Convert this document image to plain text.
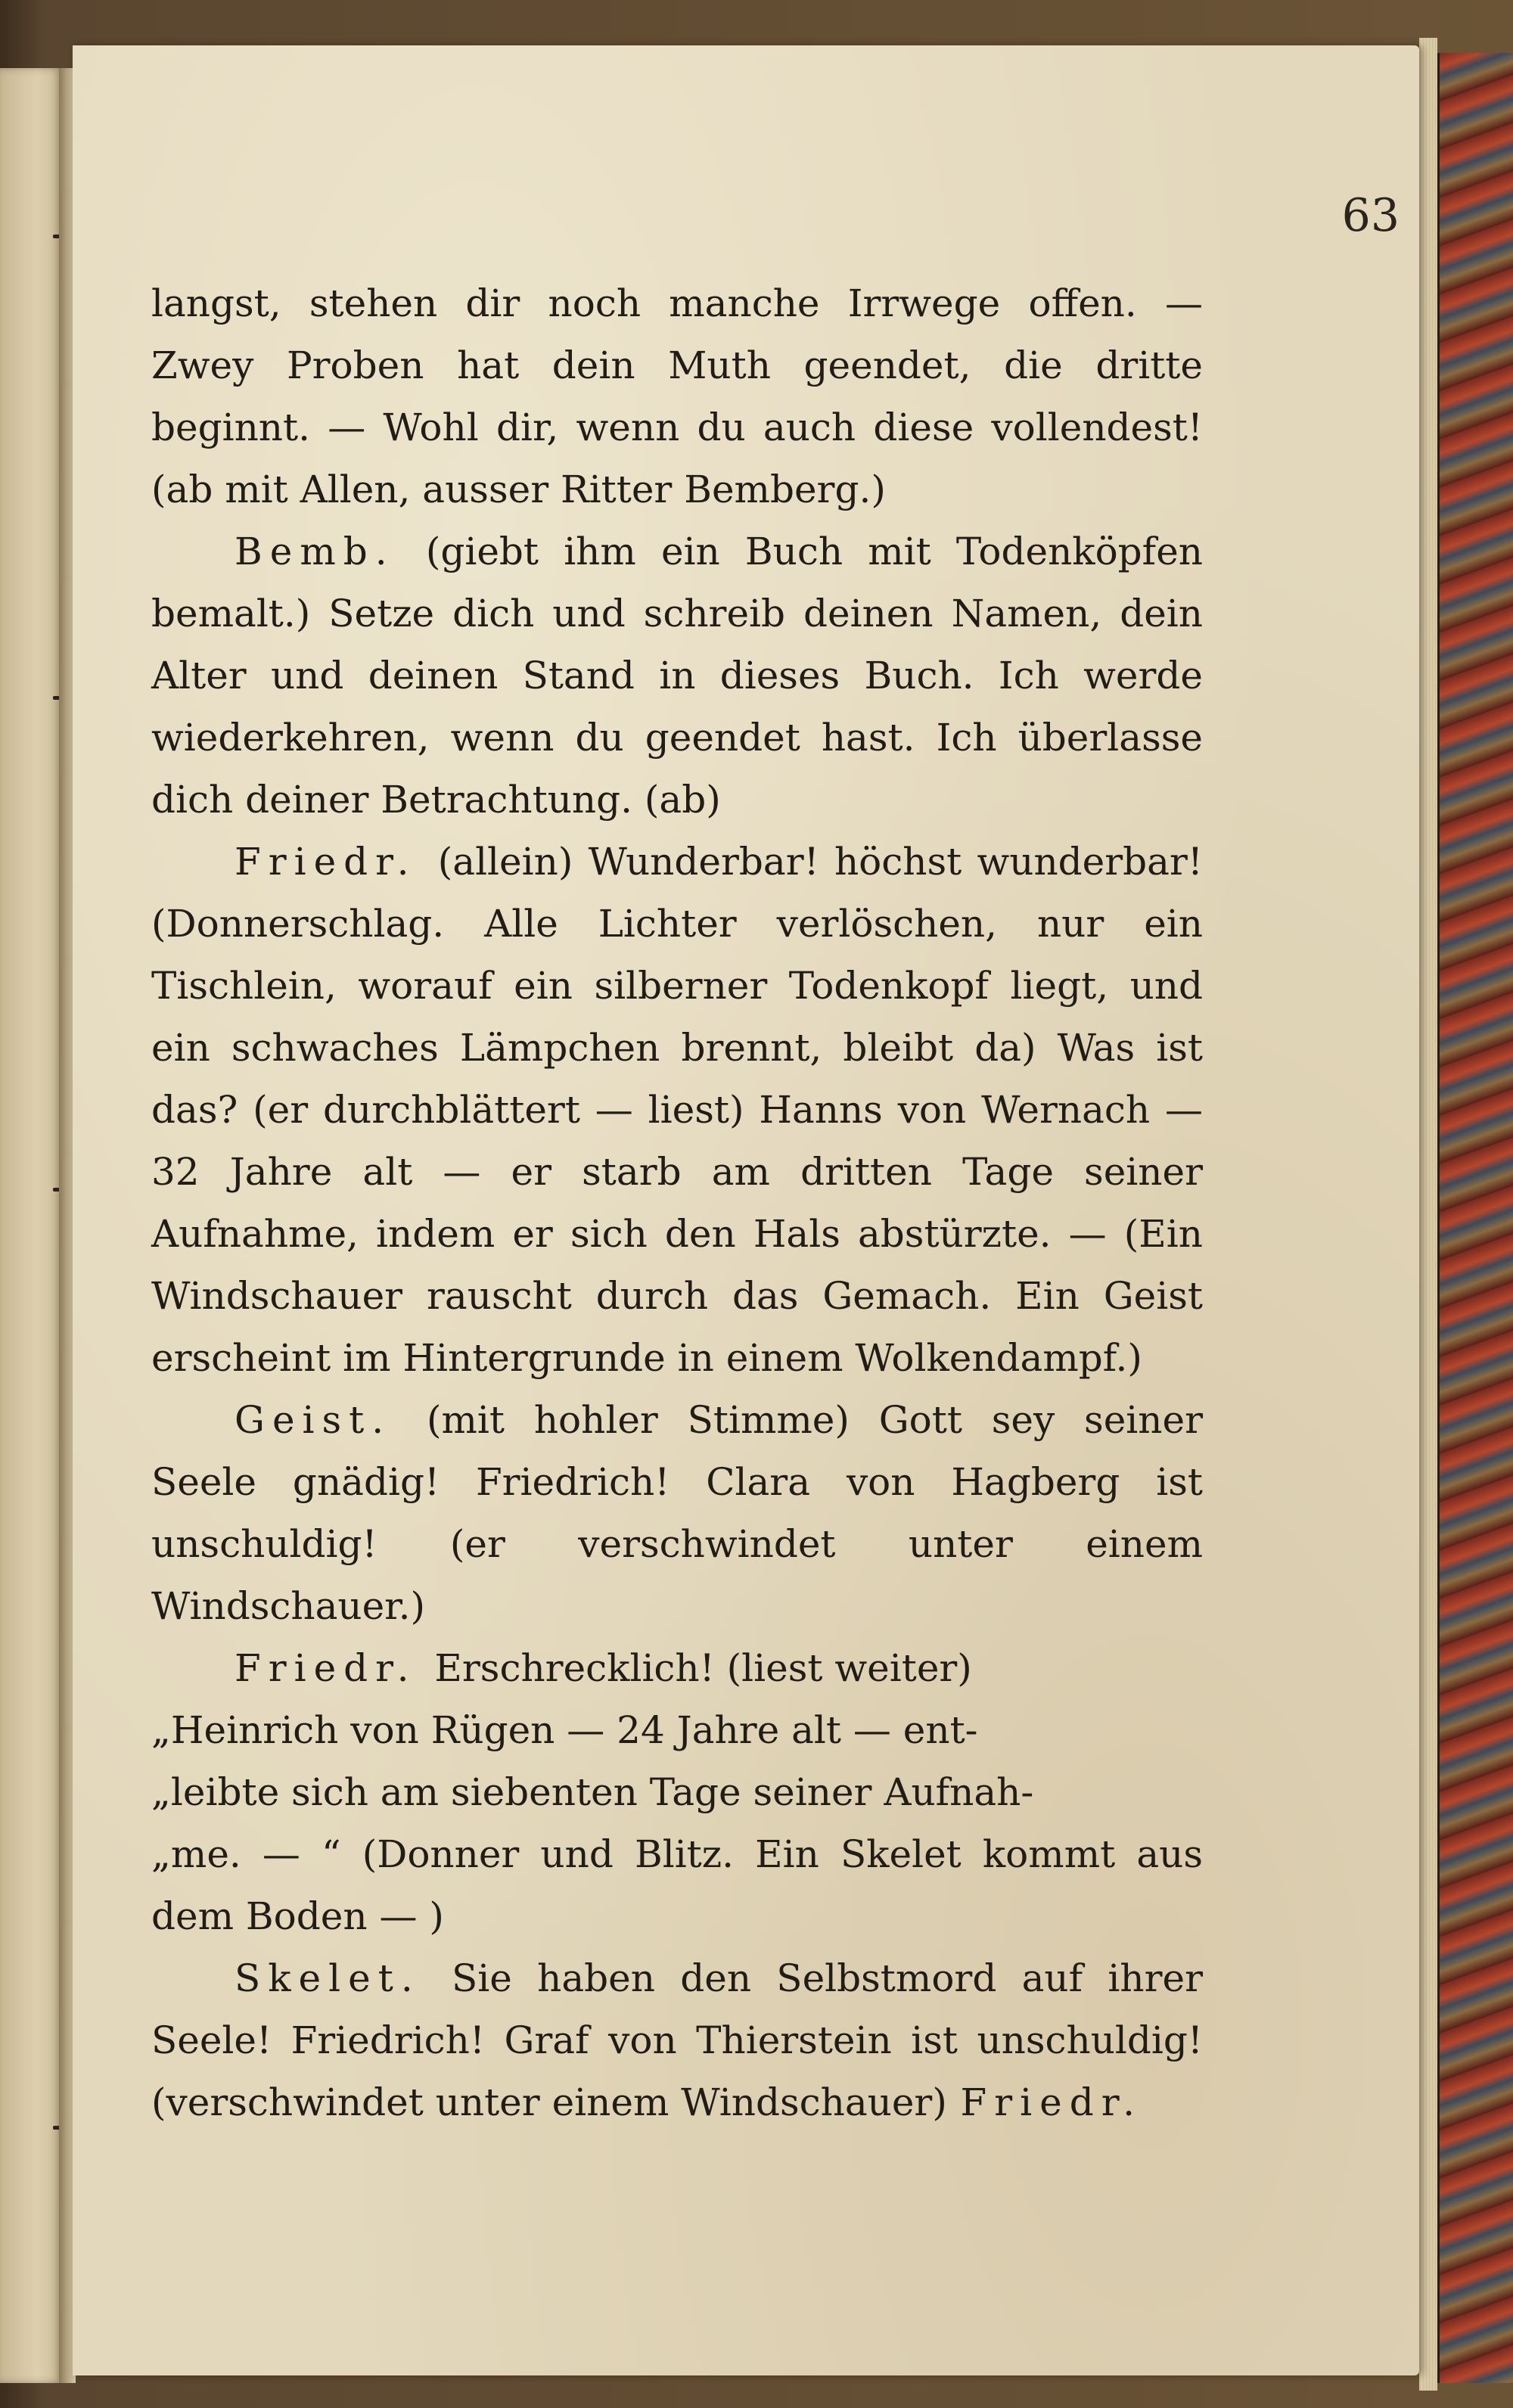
63

langst, stehen dir noch manche Irrwege offen. — Zwey Proben hat dein Muth geendet, die dritte beginnt. — Wohl dir, wenn du auch diese vollendest! (ab mit Allen, ausser Ritter Bemberg.)

Bemb. (giebt ihm ein Buch mit Todenköpfen bemalt.) Setze dich und schreib deinen Namen, dein Alter und deinen Stand in dieses Buch. Ich werde wiederkehren, wenn du geendet hast. Ich überlasse dich deiner Betrachtung. (ab)

Friedr. (allein) Wunderbar! höchst wunderbar! (Donnerschlag. Alle Lichter verlöschen, nur ein Tischlein, worauf ein silberner Todenkopf liegt, und ein schwaches Lämpchen brennt, bleibt da) Was ist das? (er durchblättert — liest) Hanns von Wernach — 32 Jahre alt — er starb am dritten Tage seiner Aufnahme, indem er sich den Hals abstürzte. — (Ein Windschauer rauscht durch das Gemach. Ein Geist erscheint im Hintergrunde in einem Wolkendampf.)

Geist. (mit hohler Stimme) Gott sey seiner Seele gnädig! Friedrich! Clara von Hagberg ist unschuldig! (er verschwindet unter einem Windschauer.)

Friedr. Erschrecklich! (liest weiter)

„Heinrich von Rügen — 24 Jahre alt — ent-

„leibte sich am siebenten Tage seiner Aufnah-

„me. — “ (Donner und Blitz. Ein Skelet kommt aus dem Boden — )

Skelet. Sie haben den Selbstmord auf ihrer Seele! Friedrich! Graf von Thierstein ist unschuldig! (verschwindet unter einem Windschauer) Friedr.
